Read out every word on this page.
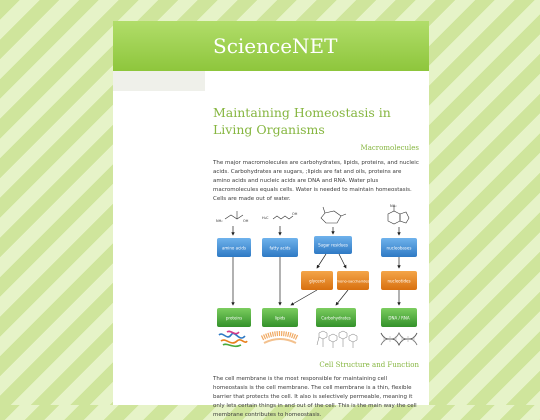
ScienceNET
Maintaining Homeostasis in Living Organisms
Macromolecules
The major macromolecules are carbohydrates, lipids, proteins, and nucleic acids. Carbohydrates are sugars, ;lipids are fat and oils, proteins are amino acids and nucleic acids are DNA and RNA. Water plus macromolecules equals cells. Water is needed to maintain homeostasis. Cells are made out of water.
NH₂	OH
H₃C
OH
NH₂
amino acids	fatty acids
Sugar residues
nucleobases
glycerol	mono-saccharides	nucleotides
proteins	lipids	Carbohydrates	DNA / RNA
Cell Structure and Function
The cell membrane is the most responsible for maintaining cell homeostasis is the cell membrane. The cell membrane is a thin, flexible barrier that protects the cell. It also is selectively permeable, meaning it only lets certain things in and out of the cell. This is the main way the cell membrane contributes to homeostasis.
